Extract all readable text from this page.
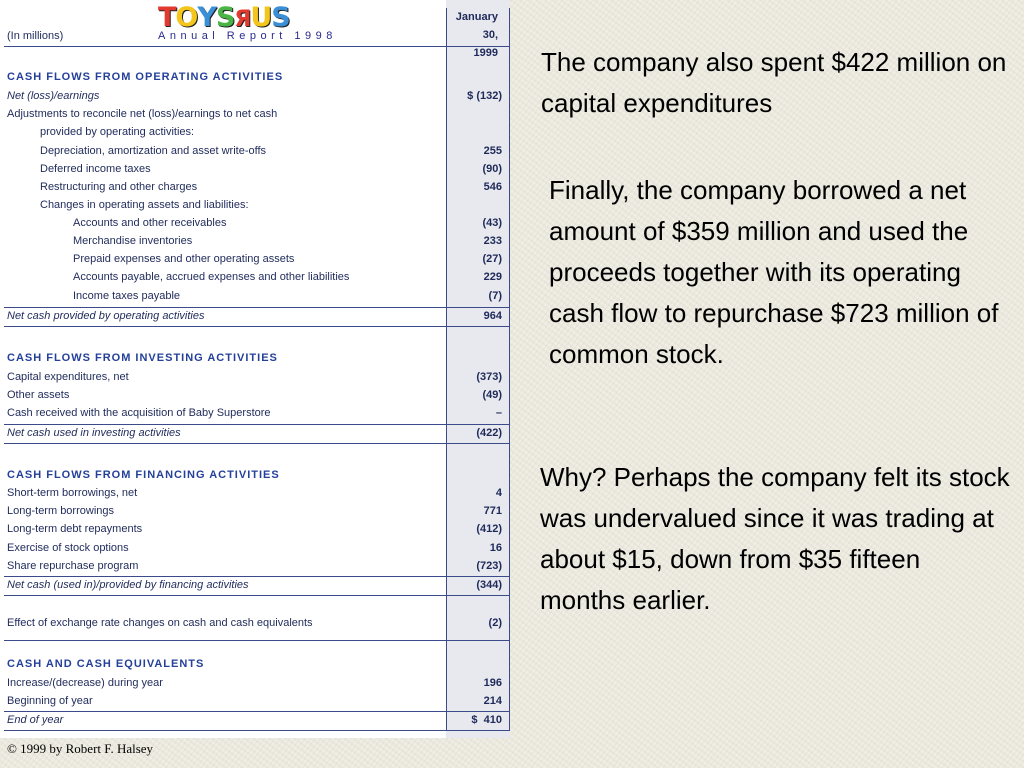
TOYSЯUS
Annual Report 1998
(In millions)
January 30,
1999
CASH FLOWS FROM OPERATING ACTIVITIES
Net (loss)/earnings	$ (132)
Adjustments to reconcile net (loss)/earnings to net cash
provided by operating activities:
Depreciation, amortization and asset write-offs	255
Deferred income taxes	(90)
Restructuring and other charges	546
Changes in operating assets and liabilities:
Accounts and other receivables	(43)
Merchandise inventories	233
Prepaid expenses and other operating assets	(27)
Accounts payable, accrued expenses and other liabilities	229
Income taxes payable	(7)
Net cash provided by operating activities	964
CASH FLOWS FROM INVESTING ACTIVITIES
Capital expenditures, net	(373)
Other assets	(49)
Cash received with the acquisition of Baby Superstore	–
Net cash used in investing activities	(422)
CASH FLOWS FROM FINANCING ACTIVITIES
Short-term borrowings, net	4
Long-term borrowings	771
Long-term debt repayments	(412)
Exercise of stock options	16
Share repurchase program	(723)
Net cash (used in)/provided by financing activities	(344)
Effect of exchange rate changes on cash and cash equivalents	(2)
CASH AND CASH EQUIVALENTS
Increase/(decrease) during year	196
Beginning of year	214
End of year	$  410

The company also spent $422 million on capital expenditures

Finally, the company borrowed a net amount of $359 million and used the proceeds together with its operating cash flow to repurchase $723 million of common stock.

Why? Perhaps the company felt its stock was undervalued since it was trading at about $15, down from $35 fifteen months earlier.

© 1999 by Robert F. Halsey
